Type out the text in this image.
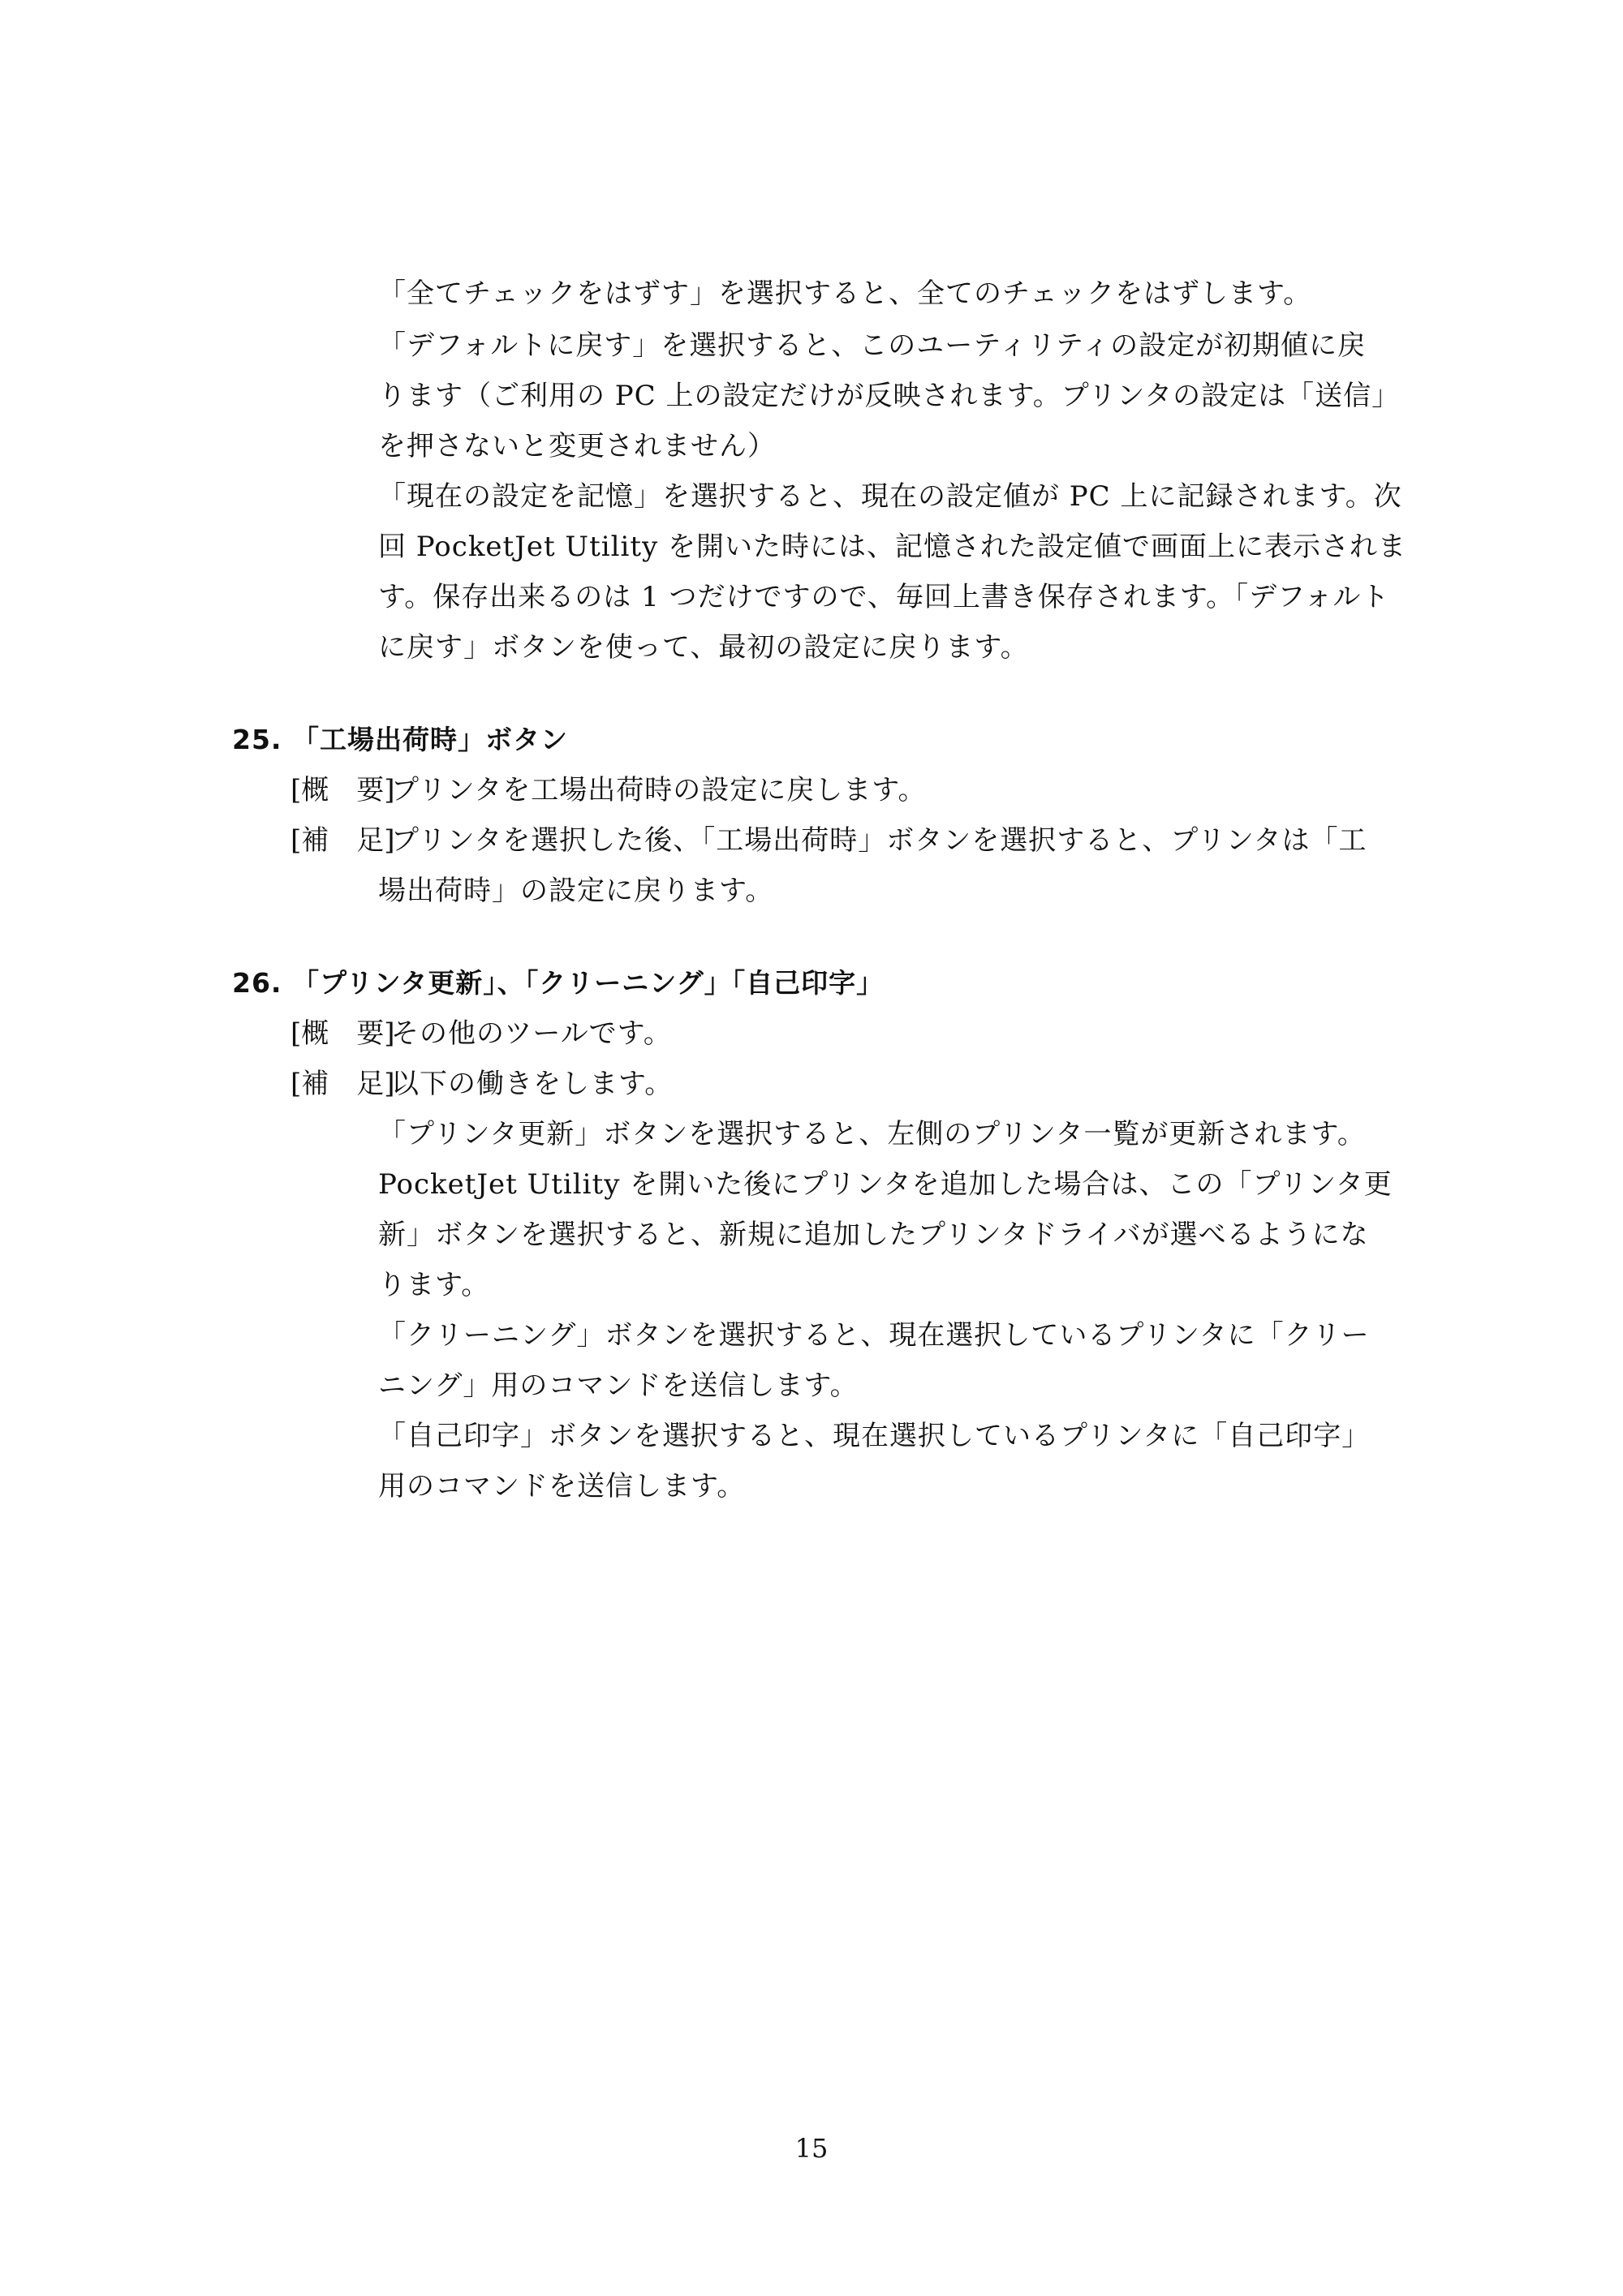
「全てチェックをはずす」を選択すると、全てのチェックをはずします。
「デフォルトに戻す」を選択すると、このユーティリティの設定が初期値に戻
ります（ご利用の PC 上の設定だけが反映されます。プリンタの設定は「送信」
を押さないと変更されません）
「現在の設定を記憶」を選択すると、現在の設定値が PC 上に記録されます。次
回 PocketJet Utility を開いた時には、記憶された設定値で画面上に表示されま
す。保存出来るのは 1 つだけですので、毎回上書き保存されます。「デフォルト
に戻す」ボタンを使って、最初の設定に戻ります。
25. 「工場出荷時」ボタン
[概　要]プリンタを工場出荷時の設定に戻します。
[補　足]プリンタを選択した後、「工場出荷時」ボタンを選択すると、プリンタは「工
場出荷時」の設定に戻ります。
26. 「プリンタ更新」、「クリーニング」「自己印字」
[概　要]その他のツールです。
[補　足]以下の働きをします。
「プリンタ更新」ボタンを選択すると、左側のプリンタ一覧が更新されます。
PocketJet Utility を開いた後にプリンタを追加した場合は、この「プリンタ更
新」ボタンを選択すると、新規に追加したプリンタドライバが選べるようにな
ります。
「クリーニング」ボタンを選択すると、現在選択しているプリンタに「クリー
ニング」用のコマンドを送信します。
「自己印字」ボタンを選択すると、現在選択しているプリンタに「自己印字」
用のコマンドを送信します。
15
